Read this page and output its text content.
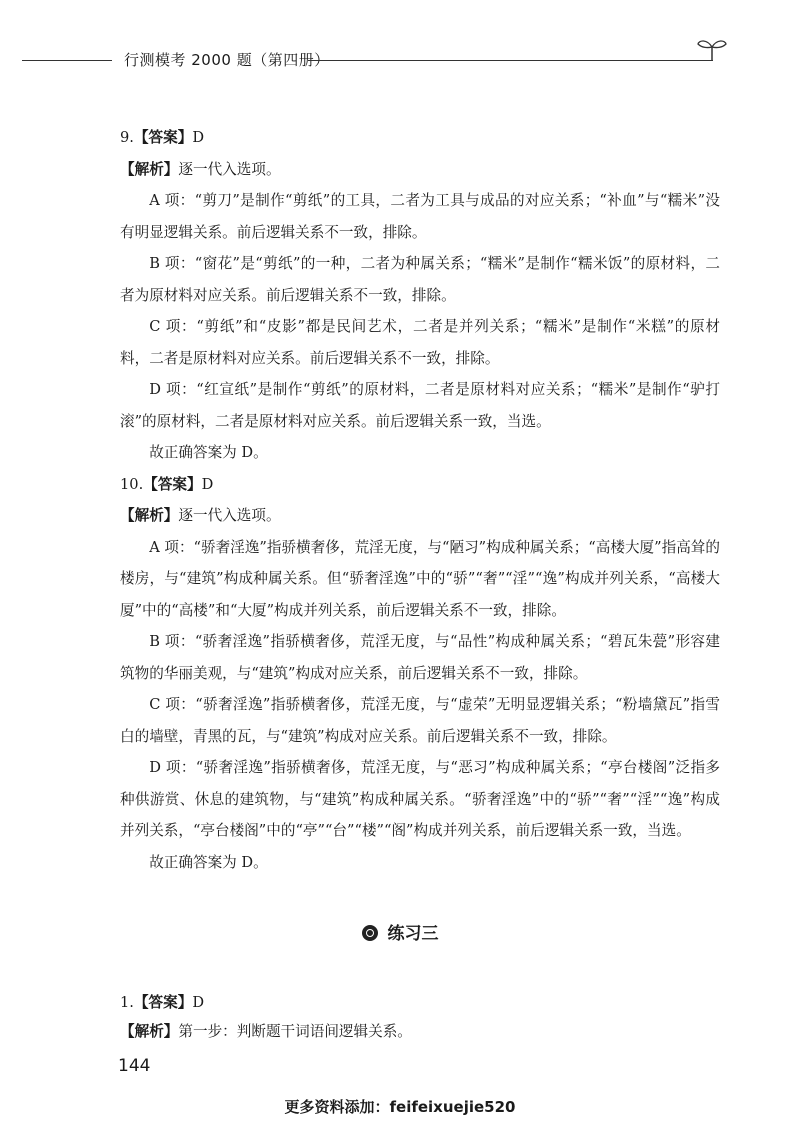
行测模考 2000 题（第四册）

9.【答案】D

【解析】逐一代入选项。

A 项：“剪刀”是制作“剪纸”的工具，二者为工具与成品的对应关系；“补血”与“糯米”没有明显逻辑关系。前后逻辑关系不一致，排除。

B 项：“窗花”是“剪纸”的一种，二者为种属关系；“糯米”是制作“糯米饭”的原材料，二者为原材料对应关系。前后逻辑关系不一致，排除。

C 项：“剪纸”和“皮影”都是民间艺术，二者是并列关系；“糯米”是制作“米糕”的原材料，二者是原材料对应关系。前后逻辑关系不一致，排除。

D 项：“红宣纸”是制作“剪纸”的原材料，二者是原材料对应关系；“糯米”是制作“驴打滚”的原材料，二者是原材料对应关系。前后逻辑关系一致，当选。

故正确答案为 D。

10.【答案】D

【解析】逐一代入选项。

A 项：“骄奢淫逸”指骄横奢侈，荒淫无度，与“陋习”构成种属关系；“高楼大厦”指高耸的楼房，与“建筑”构成种属关系。但“骄奢淫逸”中的“骄”“奢”“淫”“逸”构成并列关系，“高楼大厦”中的“高楼”和“大厦”构成并列关系，前后逻辑关系不一致，排除。

B 项：“骄奢淫逸”指骄横奢侈，荒淫无度，与“品性”构成种属关系；“碧瓦朱甍”形容建筑物的华丽美观，与“建筑”构成对应关系，前后逻辑关系不一致，排除。

C 项：“骄奢淫逸”指骄横奢侈，荒淫无度，与“虚荣”无明显逻辑关系；“粉墙黛瓦”指雪白的墙壁，青黑的瓦，与“建筑”构成对应关系。前后逻辑关系不一致，排除。

D 项：“骄奢淫逸”指骄横奢侈，荒淫无度，与“恶习”构成种属关系；“亭台楼阁”泛指多种供游赏、休息的建筑物，与“建筑”构成种属关系。“骄奢淫逸”中的“骄”“奢”“淫”“逸”构成并列关系，“亭台楼阁”中的“亭”“台”“楼”“阁”构成并列关系，前后逻辑关系一致，当选。

故正确答案为 D。

练习三

1.【答案】D

【解析】第一步：判断题干词语间逻辑关系。

144
更多资料添加：feifeixuejie520
